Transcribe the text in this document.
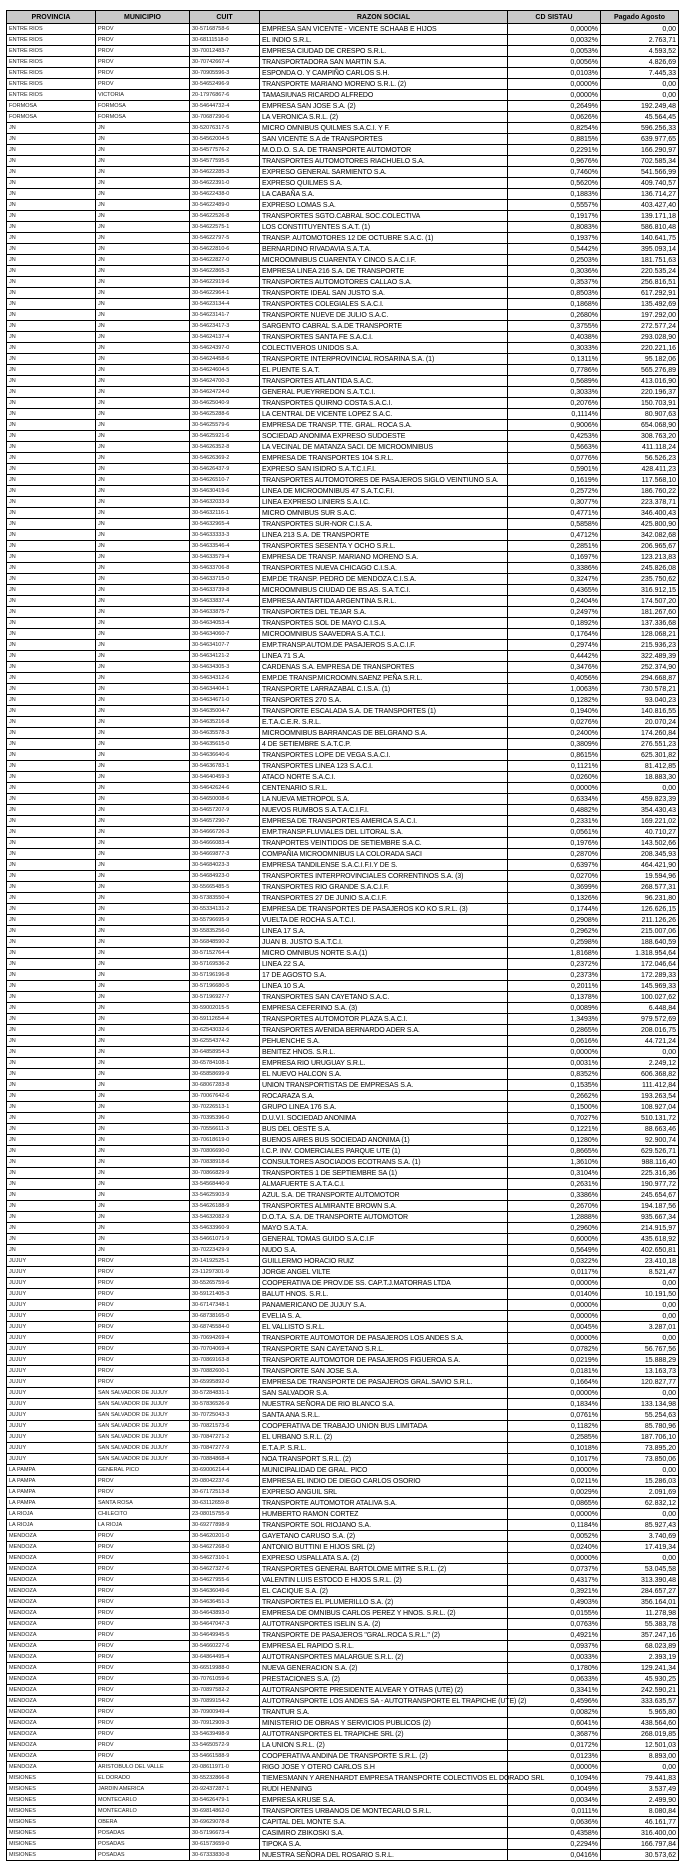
PROVINCIA	MUNICIPIO	CUIT	RAZON SOCIAL	CD SISTAU	Pagado Agosto
ENTRE RIOS	PROV	30-57168758-6	EMPRESA SAN VICENTE - VICENTE SCHAAB E HIJOS	0,0000%	0,00
ENTRE RIOS	PROV	30-68111518-0	EL INDIO S.R.L.	0,0032%	2.763,71
ENTRE RIOS	PROV	30-70012483-7	EMPRESA CIUDAD DE CRESPO S.R.L.	0,0053%	4.593,52
ENTRE RIOS	PROV	30-70742667-4	TRANSPORTADORA SAN MARTIN S.A.	0,0056%	4.826,69
ENTRE RIOS	PROV	30-70905596-3	ESPONDA O. Y CAMPIÑO CARLOS S.H.	0,0103%	7.445,33
ENTRE RIOS	PROV	30-54652496-9	TRANSPORTE MARIANO MORENO S.R.L. (2)	0,0000%	0,00
ENTRE RIOS	VICTORIA	20-17976867-6	TAMASIUNAS RICARDO ALFREDO	0,0000%	0,00
FORMOSA	FORMOSA	30-54644732-4	EMPRESA SAN JOSE S.A. (2)	0,2649%	192.249,48
FORMOSA	FORMOSA	30-70687290-6	LA VERONICA S.R.L. (2)	0,0626%	45.564,45
JN	JN	30-52076317-5	MICRO OMNIBUS QUILMES S.A.C.I. Y F.	0,8254%	596.256,33
JN	JN	30-54562004-5	SAN VICENTE S.A de TRANSPORTES	0,8815%	639.977,65
JN	JN	30-54577576-2	M.O.D.O. S.A. DE TRANSPORTE AUTOMOTOR	0,2291%	166.290,97
JN	JN	30-54577595-5	TRANSPORTES AUTOMOTORES RIACHUELO S.A.	0,9676%	702.585,34
JN	JN	30-54622285-3	EXPRESO GENERAL SARMIENTO S.A.	0,7460%	541.566,99
JN	JN	30-54622391-0	EXPRESO QUILMES S.A.	0,5620%	409.740,57
JN	JN	30-54622438-0	LA CABAÑA S.A.	0,1883%	136.714,27
JN	JN	30-54622489-0	EXPRESO LOMAS S.A.	0,5557%	403.427,40
JN	JN	30-54622526-8	TRANSPORTES SGTO.CABRAL SOC.COLECTIVA	0,1917%	139.171,18
JN	JN	30-54622575-1	LOS CONSTITUYENTES S.A.T. (1)	0,8083%	586.810,48
JN	JN	30-54622797-5	TRANSP. AUTOMOTORES 12 DE OCTUBRE S.A.C. (1)	0,1937%	140.641,75
JN	JN	30-54622810-6	BERNARDINO RIVADAVIA S.A.T.A.	0,5442%	395.093,14
JN	JN	30-54622827-0	MICROOMNIBUS CUARENTA Y CINCO S.A.C.I.F.	0,2503%	181.751,63
JN	JN	30-54622865-3	EMPRESA LINEA 216 S.A. DE TRANSPORTE	0,3036%	220.535,24
JN	JN	30-54622919-6	TRANSPORTES AUTOMOTORES CALLAO S.A.	0,3537%	256.816,51
JN	JN	30-54622964-1	TRANSPORTE IDEAL SAN JUSTO S.A.	0,8503%	617.292,91
JN	JN	30-54623134-4	TRANSPORTES COLEGIALES S.A.C.I.	0,1868%	135.492,69
JN	JN	30-54623141-7	TRANSPORTE NUEVE DE JULIO S.A.C.	0,2680%	197.292,00
JN	JN	30-54623417-3	SARGENTO CABRAL S.A.DE TRANSPORTE	0,3755%	272.577,24
JN	JN	30-54624137-4	TRANSPORTES SANTA FE S.A.C.I.	0,4038%	293.028,90
JN	JN	30-54624397-0	COLECTIVEROS UNIDOS S.A.	0,3033%	220.221,16
JN	JN	30-54624458-6	TRANSPORTE INTERPROVINCIAL ROSARINA S.A. (1)	0,1311%	95.182,06
JN	JN	30-54624604-5	EL PUENTE S.A.T.	0,7786%	565.276,89
JN	JN	30-54624700-3	TRANSPORTES ATLANTIDA S.A.C.	0,5689%	413.016,90
JN	JN	30-54624724-0	GENERAL PUEYRREDON S.A.T.C.I.	0,3033%	220.196,37
JN	JN	30-54625040-9	TRANSPORTES QUIRNO COSTA S.A.C.I.	0,2076%	150.703,91
JN	JN	30-54625288-6	LA CENTRAL DE VICENTE LOPEZ S.A.C.	0,1114%	80.907,63
JN	JN	30-54625579-6	EMPRESA DE TRANSP. TTE. GRAL. ROCA S.A.	0,9006%	654.068,90
JN	JN	30-54625921-6	SOCIEDAD ANONIMA EXPRESO SUDOESTE	0,4253%	308.763,20
JN	JN	30-54626352-8	LA VECINAL DE MATANZA SACI. DE MICROOMNIBUS	0,5663%	411.118,24
JN	JN	30-54626369-2	EMPRESA DE TRANSPORTES 104 S.R.L.	0,0776%	56.526,23
JN	JN	30-54626437-9	EXPRESO SAN ISIDRO S.A.T.C.I.F.I.	0,5901%	428.411,23
JN	JN	30-54626510-7	TRANSPORTES AUTOMOTORES DE PASAJEROS SIGLO VEINTIUNO S.A.	0,1619%	117.568,10
JN	JN	30-54630419-6	LINEA DE MICROOMNIBUS 47 S.A.T.C.F.I.	0,2572%	186.760,22
JN	JN	30-54632033-9	LINEA EXPRESO LINIERS S.A.I.C.	0,3077%	223.378,71
JN	JN	30-54632116-1	MICRO OMNIBUS SUR S.A.C.	0,4771%	346.400,43
JN	JN	30-54632965-4	TRANSPORTES SUR-NOR C.I.S.A.	0,5858%	425.800,90
JN	JN	30-54633333-3	LINEA 213 S.A. DE TRANSPORTE	0,4712%	342.082,68
JN	JN	30-54633546-4	TRANSPORTES SESENTA Y OCHO S.R.L.	0,2851%	206.965,67
JN	JN	30-54633579-4	EMPRESA DE TRANSP. MARIANO MORENO S.A.	0,1697%	123.213,83
JN	JN	30-54633706-8	TRANSPORTES NUEVA CHICAGO C.I.S.A.	0,3386%	245.826,08
JN	JN	30-54633715-0	EMP.DE TRANSP. PEDRO DE MENDOZA C.I.S.A.	0,3247%	235.750,62
JN	JN	30-54633739-8	MICROOMNIBUS CIUDAD DE BS.AS. S.A.T.C.I.	0,4365%	316.912,15
JN	JN	30-54633837-4	EMPRESA ANTARTIDA ARGENTINA S.R.L.	0,2404%	174.507,20
JN	JN	30-54633875-7	TRANSPORTES DEL TEJAR S.A.	0,2497%	181.267,60
JN	JN	30-54634053-4	TRANSPORTES SOL DE MAYO C.I.S.A.	0,1892%	137.336,68
JN	JN	30-54634060-7	MICROOMNIBUS SAAVEDRA S.A.T.C.I.	0,1764%	128.068,21
JN	JN	30-54634107-7	EMP.TRANSP.AUTOM.DE PASAJEROS S.A.C.I.F.	0,2974%	215.936,23
JN	JN	30-54634121-2	LINEA 71 S.A.	0,4442%	322.489,39
JN	JN	30-54634305-3	CARDENAS S.A. EMPRESA DE TRANSPORTES	0,3476%	252.374,90
JN	JN	30-54634312-6	EMP.DE TRANSP.MICROOMN.SAENZ PEÑA S.R.L.	0,4056%	294.668,87
JN	JN	30-54634404-1	TRANSPORTE LARRAZABAL C.I.S.A. (1)	1,0063%	730.578,21
JN	JN	30-54634671-0	TRANSPORTES 270 S.A.	0,1282%	93.040,23
JN	JN	30-54635004-7	TRANSPORTE ESCALADA S.A. DE TRANSPORTES (1)	0,1940%	140.816,55
JN	JN	30-54635216-8	E.T.A.C.E.R. S.R.L.	0,0276%	20.070,24
JN	JN	30-54635578-3	MICROOMNIBUS BARRANCAS DE BELGRANO S.A.	0,2400%	174.260,84
JN	JN	30-54635615-0	4 DE SETIEMBRE S.A.T.C.P.	0,3809%	276.551,23
JN	JN	30-54636640-6	TRANSPORTES LOPE DE VEGA S.A.C.I.	0,8615%	625.301,82
JN	JN	30-54636783-1	TRANSPORTES LINEA 123 S.A.C.I.	0,1121%	81.412,85
JN	JN	30-54640459-3	ATACO NORTE S.A.C.I.	0,0260%	18.883,30
JN	JN	30-54642624-6	CENTENARIO S.R.L.	0,0000%	0,00
JN	JN	30-54650008-6	LA NUEVA METROPOL S.A.	0,6334%	459.823,39
JN	JN	30-54657207-9	NUEVOS RUMBOS S.A.T.A.C.I.F.I.	0,4882%	354.430,43
JN	JN	30-54657290-7	EMPRESA DE TRANSPORTES AMERICA S.A.C.I.	0,2331%	169.221,02
JN	JN	30-54666726-3	EMP.TRANSP.FLUVIALES DEL LITORAL S.A.	0,0561%	40.710,27
JN	JN	30-54666083-4	TRANPORTES VEINTIDOS DE SETIEMBRE S.A.C.	0,1976%	143.502,66
JN	JN	30-54669877-3	COMPAÑIA MICROOMNIBUS LA COLORADA SACI	0,2870%	208.345,93
JN	JN	30-54684023-3	EMPRESA TANDILENSE S.A.C.I.F.I.Y DE S.	0,6397%	464.421,90
JN	JN	30-54684923-0	TRANSPORTES INTERPROVINCIALES CORRENTINOS S.A. (3)	0,0270%	19.594,96
JN	JN	30-55665485-5	TRANSPORTES RIO GRANDE S.A.C.I.F.	0,3699%	268.577,31
JN	JN	30-57383550-4	TRANSPORTES 27 DE JUNIO S.A.C.I.F.	0,1326%	96.231,80
JN	JN	30-55334131-2	EMPRESA DE TRANSPORTES DE PASAJEROS KO KO S.R.L. (3)	0,1744%	126.626,15
JN	JN	30-55796695-9	VUELTA DE ROCHA S.A.T.C.I.	0,2908%	211.126,26
JN	JN	30-55835256-0	LINEA 17 S.A.	0,2962%	215.007,06
JN	JN	30-56848590-2	JUAN B. JUSTO S.A.T.C.I.	0,2598%	188.640,59
JN	JN	30-57152764-4	MICRO OMNIBUS NORTE S.A.(1)	1,8168%	1.318.954,64
JN	JN	30-57169536-2	LINEA 22 S.A.	0,2372%	172.046,64
JN	JN	30-57196196-8	17 DE AGOSTO S.A.	0,2373%	172.289,33
JN	JN	30-57196680-5	LINEA 10 S.A.	0,2011%	145.969,33
JN	JN	30-57196927-7	TRANSPORTES SAN CAYETANO S.A.C.	0,1378%	100.027,62
JN	JN	30-59002015-5	EMPRESA CEFERINO S.A. (3)	0,0089%	6.448,84
JN	JN	30-59112654-4	TRANSPORTES AUTOMOTOR PLAZA S.A.C.I.	1,3493%	979.572,69
JN	JN	30-62543032-6	TRANSPORTES AVENIDA BERNARDO ADER S.A.	0,2865%	208.016,75
JN	JN	30-62554374-2	PEHUENCHE S.A.	0,0616%	44.721,24
JN	JN	30-64858954-3	BENITEZ HNOS. S.R.L.	0,0000%	0,00
JN	JN	30-65784108-1	EMPRESA RIO URUGUAY S.R.L.	0,0031%	2.249,12
JN	JN	30-65858699-9	EL NUEVO HALCON S.A.	0,8352%	606.368,82
JN	JN	30-68067283-8	UNION TRANSPORTISTAS DE EMPRESAS S.A.	0,1535%	111.412,84
JN	JN	30-70067642-6	ROCARAZA S.A.	0,2662%	193.263,54
JN	JN	30-70226513-1	GRUPO LINEA 176 S.A.	0,1500%	108.927,04
JN	JN	30-70395396-0	D.U.V.I. SOCIEDAD ANONIMA	0,7027%	510.131,72
JN	JN	30-70556611-3	BUS DEL OESTE S.A.	0,1221%	88.663,46
JN	JN	30-70618619-0	BUENOS AIRES BUS SOCIEDAD ANONIMA (1)	0,1280%	92.900,74
JN	JN	30-70806690-0	I.C.P. INV. COMERCIALES PARQUE UTE (1)	0,8665%	629.526,71
JN	JN	30-70838918-6	CONSULTORES ASOCIADOS ECOTRANS S.A. (1)	1,3610%	988.116,40
JN	JN	30-70866829-9	TRANSPORTES 1 DE SEPTIEMBRE SA (1)	0,3104%	225.316,36
JN	JN	33-54568440-9	ALMAFUERTE S.A.T.A.C.I.	0,2631%	190.977,72
JN	JN	33-54625903-9	AZUL S.A. DE TRANSPORTE AUTOMOTOR	0,3386%	245.654,67
JN	JN	33-54626188-9	TRANSPORTES ALMIRANTE BROWN S.A.	0,2670%	194.187,56
JN	JN	33-54632082-9	D.O.T.A. S.A. DE TRANSPORTE AUTOMOTOR	1,2888%	935.667,34
JN	JN	33-54633960-9	MAYO S.A.T.A.	0,2960%	214.915,97
JN	JN	33-54661071-9	GENERAL TOMAS GUIDO S.A.C.I.F	0,6000%	435.618,92
JN	JN	30-70223429-9	NUDO S.A.	0,5649%	402.650,81
JUJUY	PROV	20-14192525-1	GUILLERMO HORACIO RUIZ	0,0322%	23.410,18
JUJUY	PROV	23-11297301-9	JORGE ANGEL VILTE	0,0117%	8.521,47
JUJUY	PROV	30-55265759-6	COOPERATIVA DE PROV.DE SS. CAP.T.J.MATORRAS LTDA	0,0000%	0,00
JUJUY	PROV	30-59121405-3	BALUT HNOS. S.R.L.	0,0140%	10.191,50
JUJUY	PROV	30-67147348-1	PANAMERICANO DE JUJUY S.A.	0,0000%	0,00
JUJUY	PROV	30-68738165-0	EVELIA S. A.	0,0000%	0,00
JUJUY	PROV	30-68745584-0	EL VALLISTO S.R.L.	0,0045%	3.287,01
JUJUY	PROV	30-70694269-4	TRANSPORTE AUTOMOTOR DE PASAJEROS LOS ANDES S.A.	0,0000%	0,00
JUJUY	PROV	30-70704069-4	TRANSPORTE SAN CAYETANO S.R.L.	0,0782%	56.767,56
JUJUY	PROV	30-70869163-8	TRANSPORTE AUTOMOTOR DE PASAJEROS FIGUEROA S.A.	0,0219%	15.888,29
JUJUY	PROV	30-70882600-1	TRANSPORTE SAN JOSE S.A.	0,0181%	13.163,73
JUJUY	PROV	30-65995892-0	EMPRESA DE TRANSPORTE DE PASAJEROS GRAL.SAVIO S.R.L.	0,1664%	120.827,77
JUJUY	SAN SALVADOR DE JUJUY	30-57284831-1	SAN SALVADOR S.A.	0,0000%	0,00
JUJUY	SAN SALVADOR DE JUJUY	30-57836526-9	NUESTRA SEÑORA DE RIO BLANCO S.A.	0,1834%	133.134,98
JUJUY	SAN SALVADOR DE JUJUY	30-70725043-3	SANTA ANA S.R.L.	0,0761%	55.254,63
JUJUY	SAN SALVADOR DE JUJUY	30-70821573-6	COOPERATIVA DE TRABAJO UNION BUS LIMITADA	0,1182%	85.780,96
JUJUY	SAN SALVADOR DE JUJUY	30-70847271-2	EL URBANO S.R.L. (2)	0,2585%	187.706,10
JUJUY	SAN SALVADOR DE JUJUY	30-70847277-9	E.T.A.P. S.R.L.	0,1018%	73.895,20
JUJUY	SAN SALVADOR DE JUJUY	30-70884868-4	NOA TRANSPORT S.R.L. (2)	0,1017%	73.850,06
LA PAMPA	GENERAL PICO	30-69006214-4	MUNICIPALIDAD DE GRAL. PICO	0,0000%	0,00
LA PAMPA	PROV	20-08042237-6	EMPRESA EL INDIO DE DIEGO CARLOS OSORIO	0,0211%	15.286,03
LA PAMPA	PROV	30-67172513-8	EXPRESO ANGUIL SRL	0,0029%	2.091,69
LA PAMPA	SANTA ROSA	30-63112659-8	TRANSPORTE AUTOMOTOR ATALIVA S.A.	0,0865%	62.832,12
LA RIOJA	CHILECITO	23-08015755-9	HUMBERTO RAMON CORTEZ	0,0000%	0,00
LA RIOJA	LA RIOJA	30-69277898-9	TRANSPORTE SOL RIOJANO S.A.	0,1184%	85.927,43
MENDOZA	PROV	30-54620201-0	GAYETANO CARUSO S.A. (2)	0,0052%	3.740,69
MENDOZA	PROV	30-54627268-0	ANTONIO BUTTINI E HIJOS SRL (2)	0,0240%	17.419,34
MENDOZA	PROV	30-54627310-1	EXPRESO USPALLATA S.A. (2)	0,0000%	0,00
MENDOZA	PROV	30-54627327-6	TRANSPORTES GENERAL BARTOLOME MITRE S.R.L. (2)	0,0737%	53.045,58
MENDOZA	PROV	30-54627955-6	VALENTIN LUIS ESTOCO E HIJOS S.R.L. (2)	0,4317%	313.390,48
MENDOZA	PROV	30-54636049-6	EL CACIQUE S.A. (2)	0,3921%	284.657,27
MENDOZA	PROV	30-54636451-3	TRANSPORTES EL PLUMERILLO S.A. (2)	0,4903%	356.164,01
MENDOZA	PROV	30-54643893-0	EMPRESA DE OMNIBUS CARLOS PEREZ Y HNOS. S.R.L. (2)	0,0155%	11.278,98
MENDOZA	PROV	30-54647047-3	AUTOTRANSPORTES ISELIN S.A. (2)	0,0763%	55.383,78
MENDOZA	PROV	30-54649945-5	TRANSPORTE DE PASAJEROS "GRAL.ROCA S.R.L." (2)	0,4921%	357.247,16
MENDOZA	PROV	30-54660227-6	EMPRESA EL RAPIDO S.R.L.	0,0937%	68.023,89
MENDOZA	PROV	30-64864495-4	AUTOTRANSPORTES MALARGUE S.R.L. (2)	0,0033%	2.393,19
MENDOZA	PROV	30-66519988-0	NUEVA GENERACION S.A. (2)	0,1780%	129.241,34
MENDOZA	PROV	30-70761059-6	PRESTACIONES S.A. (2)	0,0633%	45.930,25
MENDOZA	PROV	30-70897582-2	AUTOTRANSPORTE PRESIDENTE ALVEAR Y OTRAS (UTE) (2)	0,3341%	242.590,21
MENDOZA	PROV	30-70899154-2	AUTOTRANSPORTE LOS ANDES SA - AUTOTRANSPORTE EL TRAPICHE (UTE) (2)	0,4596%	333.635,57
MENDOZA	PROV	30-70900949-4	TRANTUR S.A.	0,0082%	5.965,80
MENDOZA	PROV	30-70912909-3	MINISTERIO DE OBRAS Y SERVICIOS PUBLICOS (2)	0,6041%	438.564,60
MENDOZA	PROV	33-54639498-9	AUTOTRANSPORTES EL TRAPICHE SRL (2)	0,3687%	268.019,85
MENDOZA	PROV	33-54650572-9	LA UNION S.R.L. (2)	0,0172%	12.501,03
MENDOZA	PROV	33-54661588-9	COOPERATIVA ANDINA DE TRANSPORTE S.R.L. (2)	0,0123%	8.893,00
MENDOZA	ARISTOBULO DEL VALLE	20-08611971-0	RIGO JOSE Y OTERO CARLOS S.H	0,0000%	0,00
MISIONES	EL DORADO	30-55232866-8	TIEMESMANN Y ARENHARDT EMPRESA TRANSPORTE COLECTIVOS EL DORADO SRL	0,1094%	79.441,83
MISIONES	JARDIN AMERICA	20-92437287-1	RUDI HENNING	0,0049%	3.537,49
MISIONES	MONTECARLO	30-54626479-1	EMPRESA KRUSE S.A.	0,0034%	2.499,90
MISIONES	MONTECARLO	30-69814862-0	TRANSPORTES URBANOS DE MONTECARLO S.R.L.	0,0111%	8.080,84
MISIONES	OBERA	30-69629078-8	CAPITAL DEL MONTE S.A.	0,0636%	46.161,77
MISIONES	POSADAS	30-57196673-4	CASIMIRO ZBIKOSKI S.A.	0,4358%	316.400,00
MISIONES	POSADAS	30-61573659-0	TIPOKA S.A.	0,2294%	166.797,84
MISIONES	POSADAS	30-67333830-8	NUESTRA SEÑORA DEL ROSARIO S.R.L.	0,0416%	30.573,62
